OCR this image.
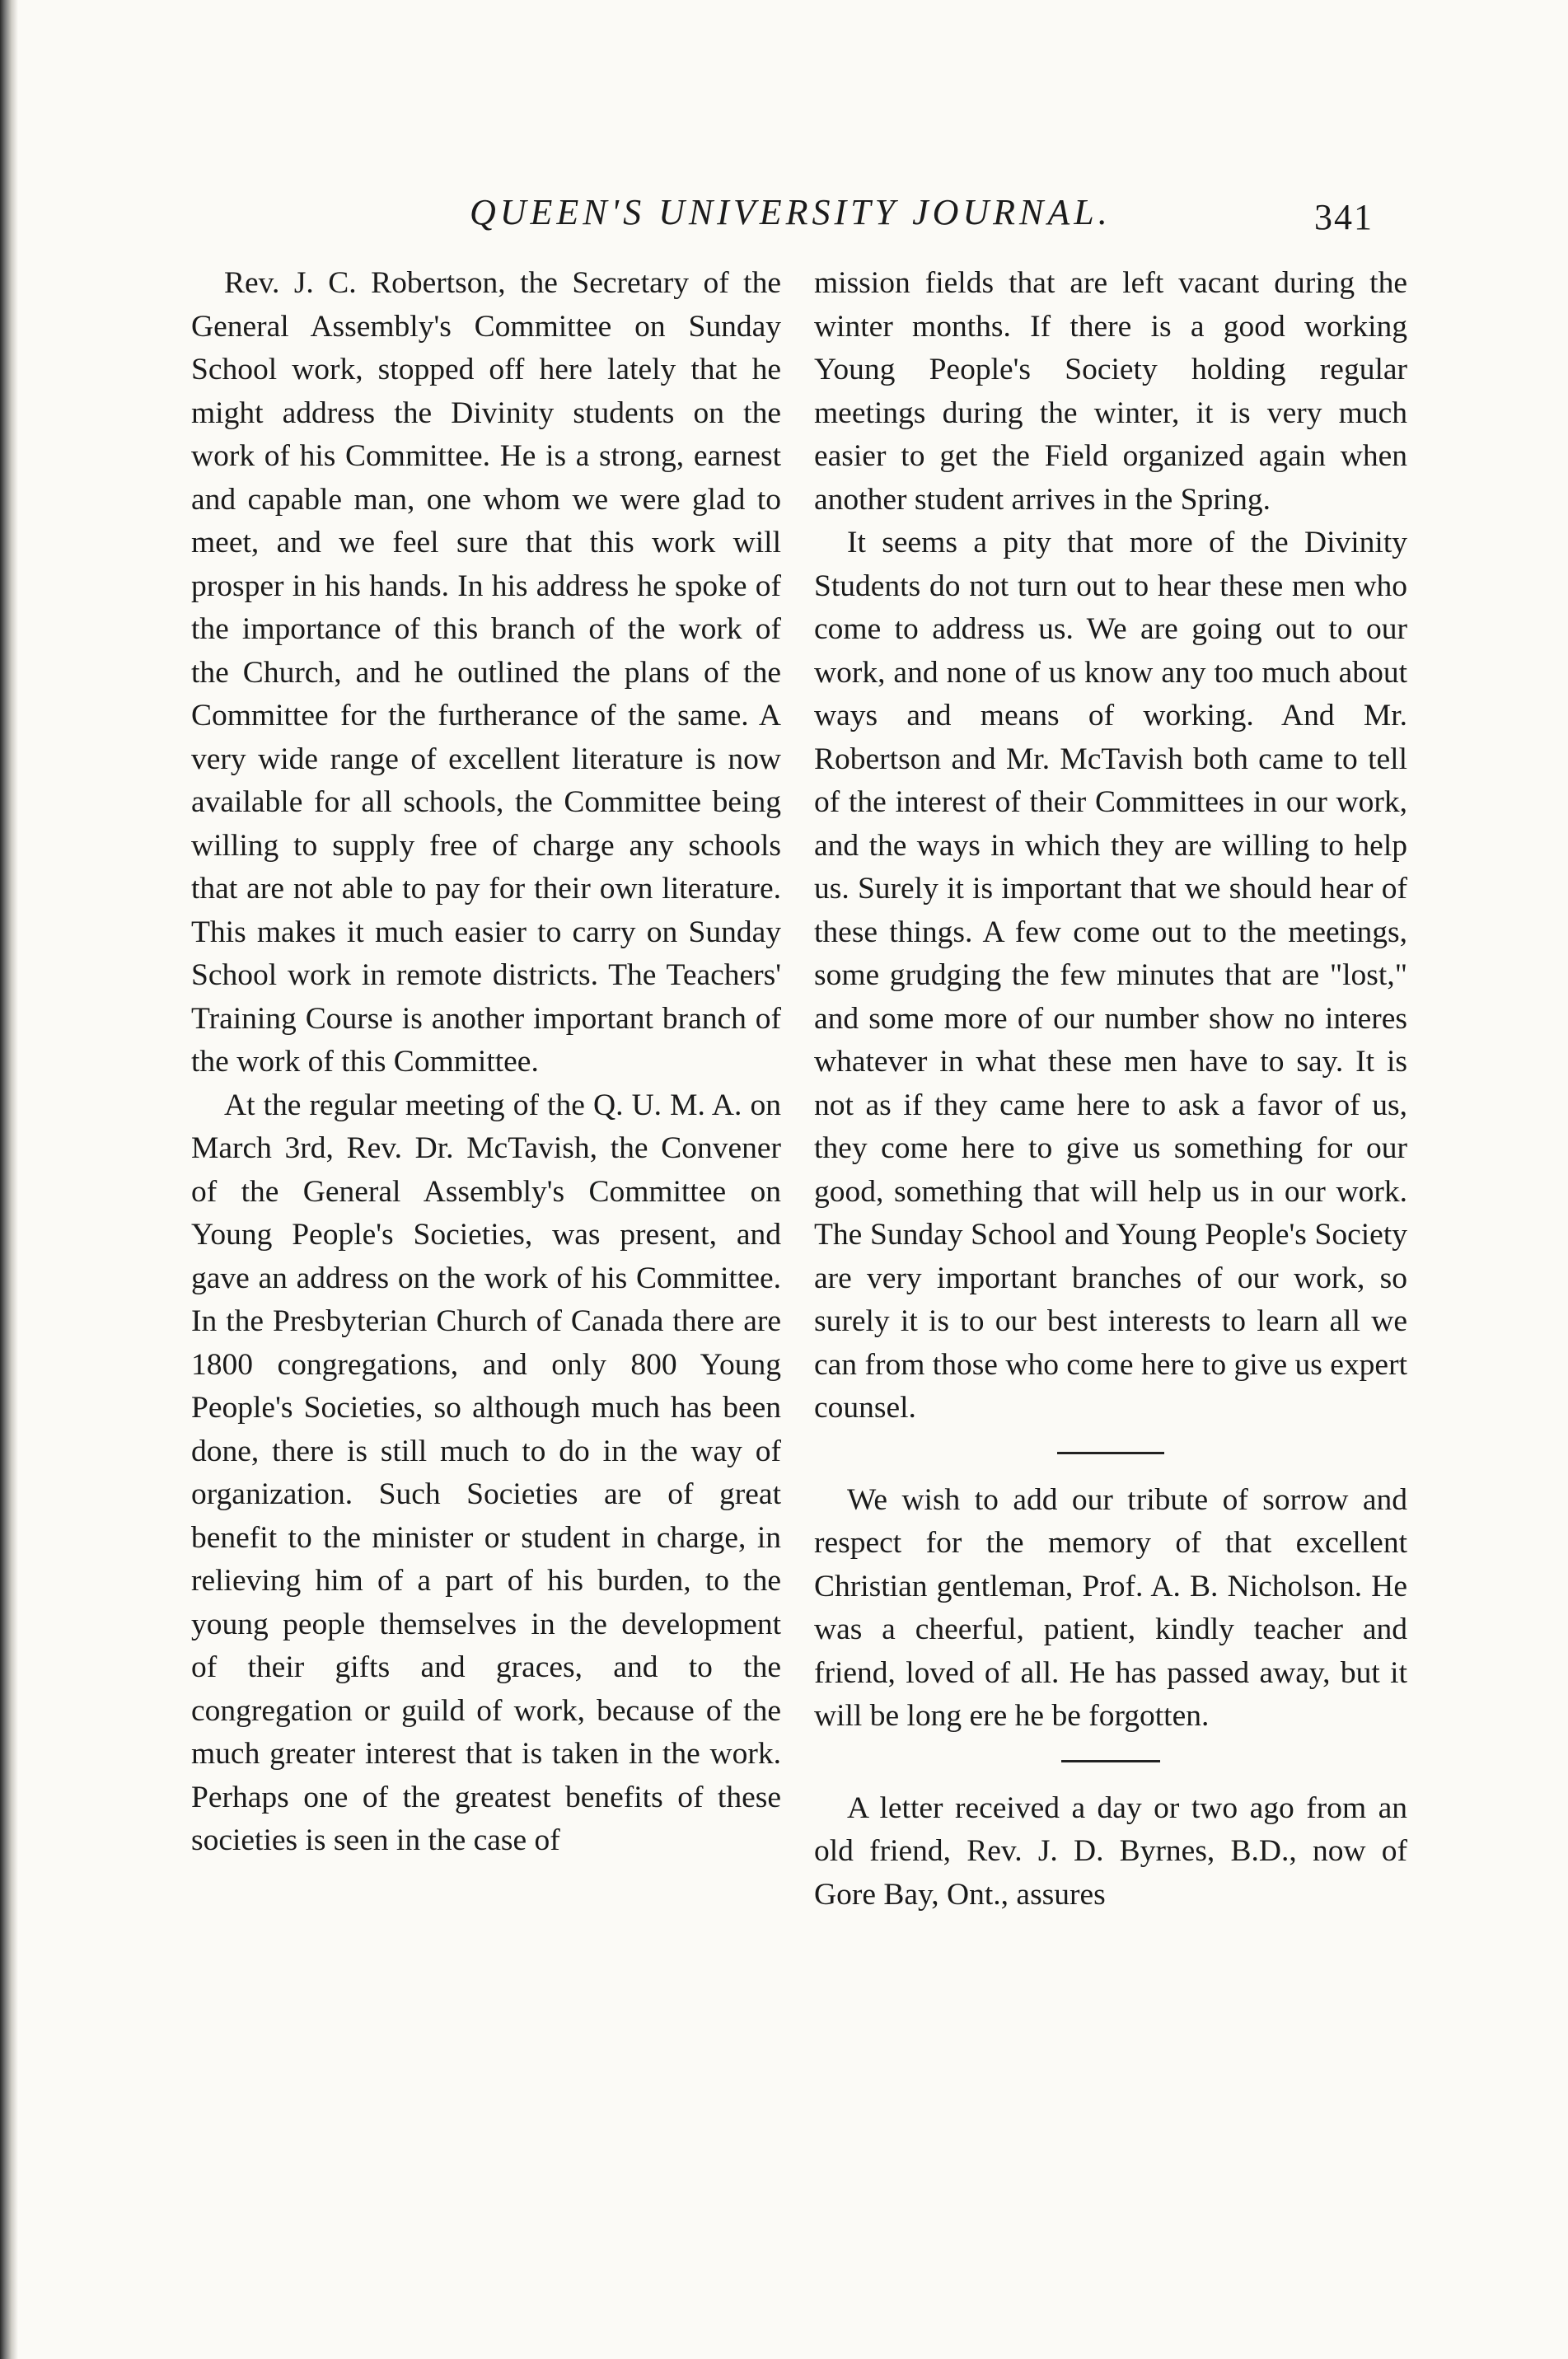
QUEEN'S UNIVERSITY JOURNAL.	341

Rev. J. C. Robertson, the Secretary of the General Assembly's Committee on Sunday School work, stopped off here lately that he might address the Divinity students on the work of his Committee. He is a strong, earnest and capable man, one whom we were glad to meet, and we feel sure that this work will prosper in his hands. In his address he spoke of the importance of this branch of the work of the Church, and he outlined the plans of the Committee for the furtherance of the same. A very wide range of excellent literature is now available for all schools, the Committee being willing to supply free of charge any schools that are not able to pay for their own literature. This makes it much easier to carry on Sunday School work in remote districts. The Teachers' Training Course is another important branch of the work of this Committee.

At the regular meeting of the Q. U. M. A. on March 3rd, Rev. Dr. McTavish, the Convener of the General Assembly's Committee on Young People's Societies, was present, and gave an address on the work of his Committee. In the Presbyterian Church of Canada there are 1800 congregations, and only 800 Young People's Societies, so although much has been done, there is still much to do in the way of organization. Such Societies are of great benefit to the minister or student in charge, in relieving him of a part of his burden, to the young people themselves in the development of their gifts and graces, and to the congregation or guild of work, because of the much greater interest that is taken in the work. Perhaps one of the greatest benefits of these societies is seen in the case of

mission fields that are left vacant during the winter months. If there is a good working Young People's Society holding regular meetings during the winter, it is very much easier to get the Field organized again when another student arrives in the Spring.

It seems a pity that more of the Divinity Students do not turn out to hear these men who come to address us. We are going out to our work, and none of us know any too much about ways and means of working. And Mr. Robertson and Mr. McTavish both came to tell of the interest of their Committees in our work, and the ways in which they are willing to help us. Surely it is important that we should hear of these things. A few come out to the meetings, some grudging the few minutes that are "lost," and some more of our number show no interes whatever in what these men have to say. It is not as if they came here to ask a favor of us, they come here to give us something for our good, something that will help us in our work. The Sunday School and Young People's Society are very important branches of our work, so surely it is to our best interests to learn all we can from those who come here to give us expert counsel.

We wish to add our tribute of sorrow and respect for the memory of that excellent Christian gentleman, Prof. A. B. Nicholson. He was a cheerful, patient, kindly teacher and friend, loved of all. He has passed away, but it will be long ere he be forgotten.

A letter received a day or two ago from an old friend, Rev. J. D. Byrnes, B.D., now of Gore Bay, Ont., assures
